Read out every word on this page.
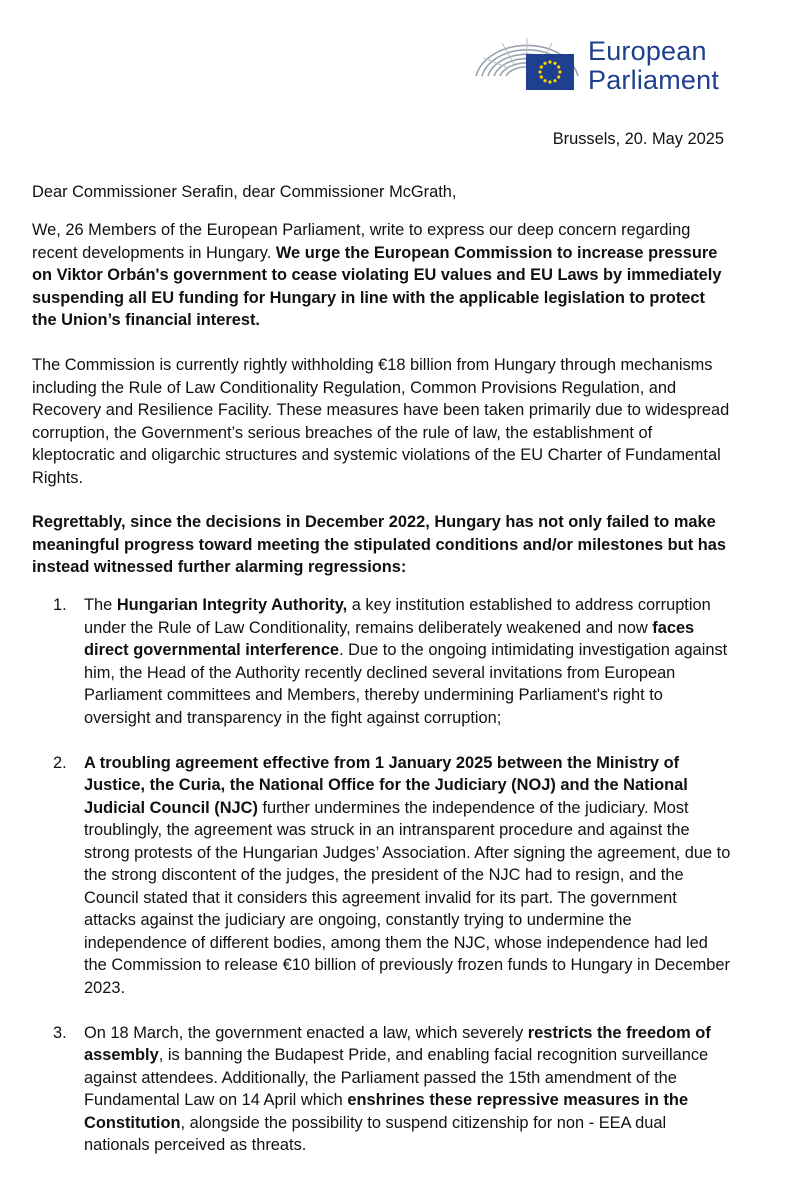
European
Parliament
Brussels, 20. May 2025
Dear Commissioner Serafin, dear Commissioner McGrath,

We, 26 Members of the European Parliament, write to express our deep concern regarding recent developments in Hungary. We urge the European Commission to increase pressure on Viktor Orbán's government to cease violating EU values and EU Laws by immediately suspending all EU funding for Hungary in line with the applicable legislation to protect the Union’s financial interest.

The Commission is currently rightly withholding €18 billion from Hungary through mechanisms including the Rule of Law Conditionality Regulation, Common Provisions Regulation, and Recovery and Resilience Facility. These measures have been taken primarily due to widespread corruption, the Government’s serious breaches of the rule of law, the establishment of kleptocratic and oligarchic structures and systemic violations of the EU Charter of Fundamental Rights.

Regrettably, since the decisions in December 2022, Hungary has not only failed to make meaningful progress toward meeting the stipulated conditions and/or milestones but has instead witnessed further alarming regressions:

1. The Hungarian Integrity Authority, a key institution established to address corruption under the Rule of Law Conditionality, remains deliberately weakened and now faces direct governmental interference. Due to the ongoing intimidating investigation against him, the Head of the Authority recently declined several invitations from European Parliament committees and Members, thereby undermining Parliament's right to oversight and transparency in the fight against corruption;
2. A troubling agreement effective from 1 January 2025 between the Ministry of Justice, the Curia, the National Office for the Judiciary (NOJ) and the National Judicial Council (NJC) further undermines the independence of the judiciary. Most troublingly, the agreement was struck in an intransparent procedure and against the strong protests of the Hungarian Judges’ Association. After signing the agreement, due to the strong discontent of the judges, the president of the NJC had to resign, and the Council stated that it considers this agreement invalid for its part. The government attacks against the judiciary are ongoing, constantly trying to undermine the independence of different bodies, among them the NJC, whose independence had led the Commission to release €10 billion of previously frozen funds to Hungary in December 2023.
3. On 18 March, the government enacted a law, which severely restricts the freedom of assembly, is banning the Budapest Pride, and enabling facial recognition surveillance against attendees. Additionally, the Parliament passed the 15th amendment of the Fundamental Law on 14 April which enshrines these repressive measures in the Constitution, alongside the possibility to suspend citizenship for non - EEA dual nationals perceived as threats.
